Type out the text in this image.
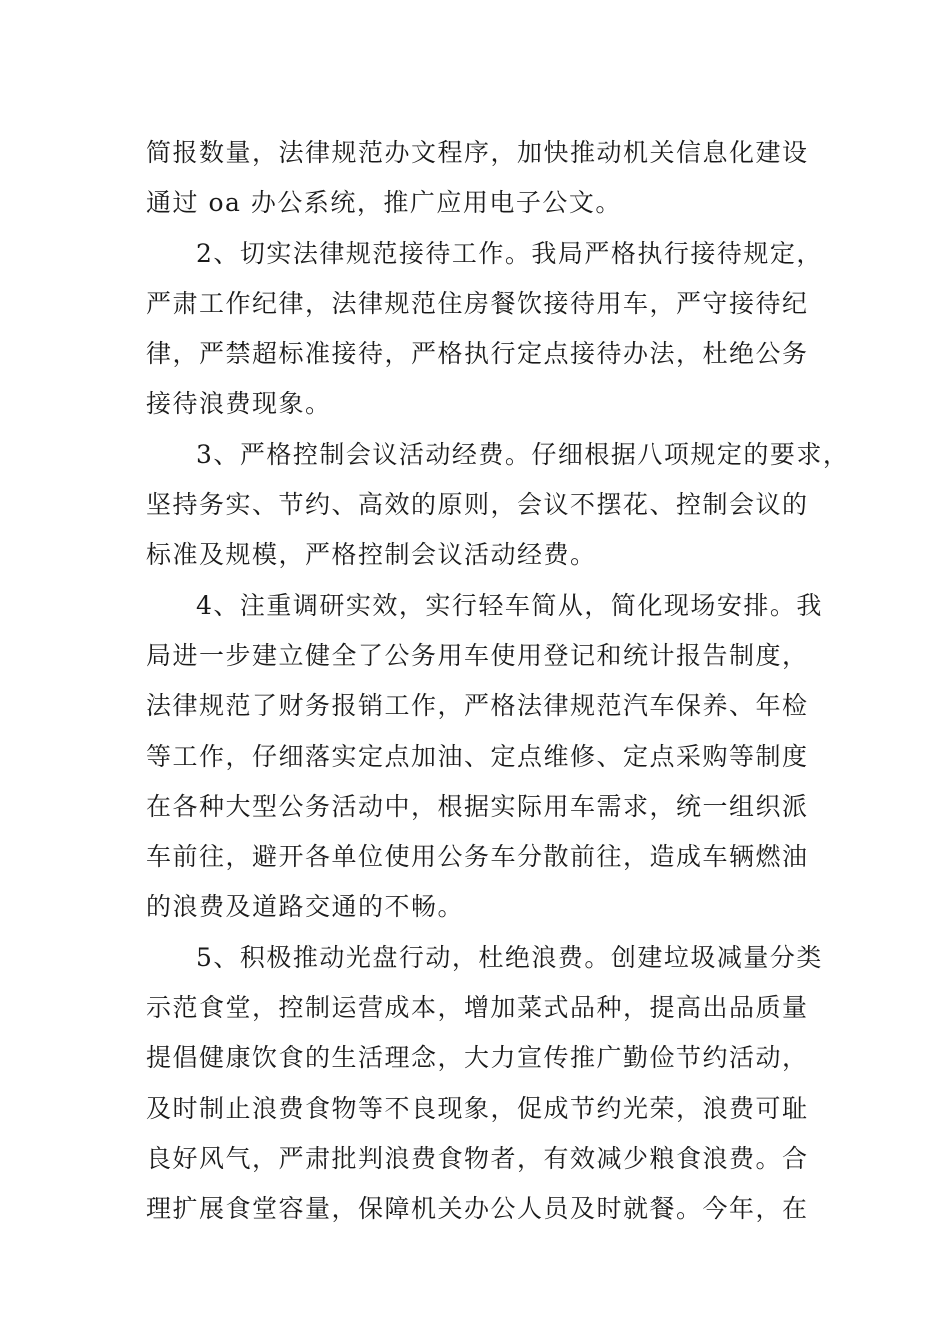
简报数量，法律规范办文程序，加快推动机关信息化建设
通过 oa 办公系统，推广应用电子公文。
2、切实法律规范接待工作。我局严格执行接待规定，
严肃工作纪律，法律规范住房餐饮接待用车，严守接待纪
律，严禁超标准接待，严格执行定点接待办法，杜绝公务
接待浪费现象。
3、严格控制会议活动经费。仔细根据八项规定的要求，
坚持务实、节约、高效的原则，会议不摆花、控制会议的
标准及规模，严格控制会议活动经费。
4、注重调研实效，实行轻车简从，简化现场安排。我
局进一步建立健全了公务用车使用登记和统计报告制度，
法律规范了财务报销工作，严格法律规范汽车保养、年检
等工作，仔细落实定点加油、定点维修、定点采购等制度
在各种大型公务活动中，根据实际用车需求，统一组织派
车前往，避开各单位使用公务车分散前往，造成车辆燃油
的浪费及道路交通的不畅。
5、积极推动光盘行动，杜绝浪费。创建垃圾减量分类
示范食堂，控制运营成本，增加菜式品种，提高出品质量
提倡健康饮食的生活理念，大力宣传推广勤俭节约活动，
及时制止浪费食物等不良现象，促成节约光荣，浪费可耻
良好风气，严肃批判浪费食物者，有效减少粮食浪费。合
理扩展食堂容量，保障机关办公人员及时就餐。今年，在
